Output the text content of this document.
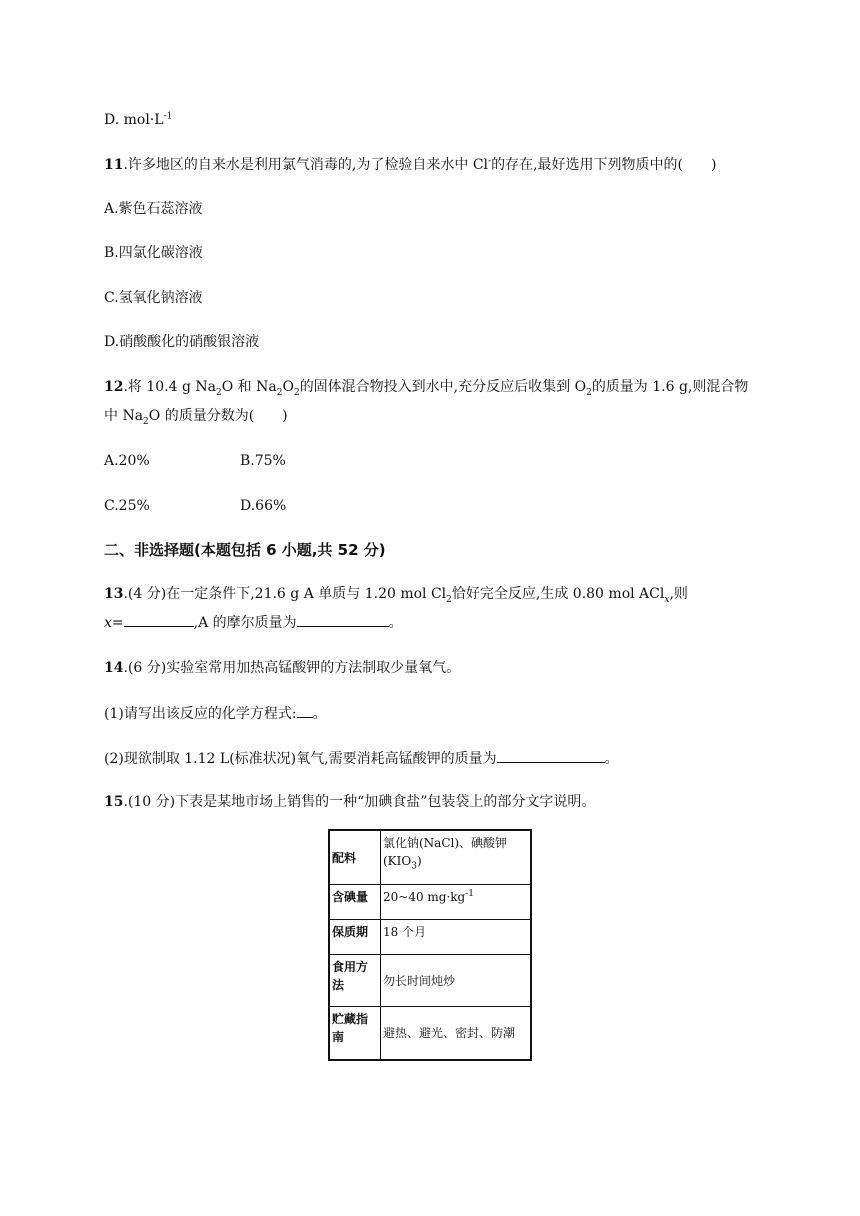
D. $mol\cdot L^{-1}$
11.许多地区的自来水是利用氯气消毒的,为了检验自来水中 Cl-的存在,最好选用下列物质中的(　　)
A.紫色石蕊溶液
B.四氯化碳溶液
C.氢氧化钠溶液
D.硝酸酸化的硝酸银溶液
12.将 10.4 g $Na_2O$ 和 $Na_2O_2$的固体混合物投入到水中,充分反应后收集到 $O_2$的质量为 1.6 g,则混合物
中 $Na_2O$ 的质量分数为(　　)
A.20%	B.75%
C.25%	D.66%
二、非选择题(本题包括 6 小题,共 52 分)
13.(4 分)在一定条件下,21.6 g A 单质与 1.20 mol $Cl_2$恰好完全反应,生成 0.80 mol ACl$_x$,则
x=	,A 的摩尔质量为	。
14.(6 分)实验室常用加热高锰酸钾的方法制取少量氧气。
(1)请写出该反应的化学方程式: 。
(2)现欲制取 1.12 L(标准状况)氧气,需要消耗高锰酸钾的质量为	。
15.(10 分)下表是某地市场上销售的一种“加碘食盐”包装袋上的部分文字说明。
配料	氯化钠(NaCl)、碘酸钾
$(KIO_3)$
含碘量	20~40 $mg\cdot kg^{-1}$
保质期	18 个月
食用方
法	勿长时间炖炒
贮藏指
南	避热、避光、密封、防潮
